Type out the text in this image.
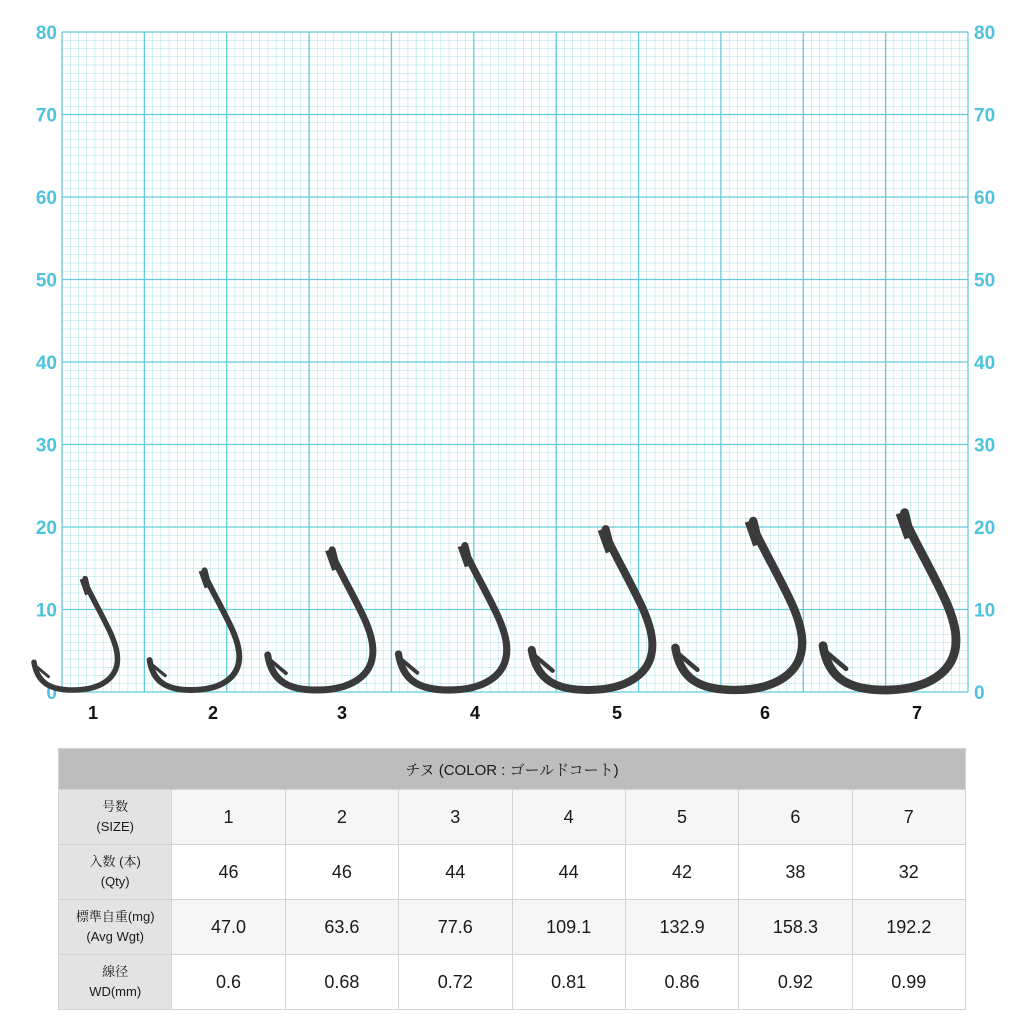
0
10
20
30
40
50
60
70
80
0
10
20
30
40
50
60
70
80
1	2	3	4	5	6	7
チヌ (COLOR : ゴールドコート)							

号数
(SIZE)	1	2	3	4	5	6	7

入数 (本)
(Qty)	46	46	44	44	42	38	32

標準自重(mg)
(Avg Wgt)	47.0	63.6	77.6	109.1	132.9	158.3	192.2

線径
WD(mm)	0.6	0.68	0.72	0.81	0.86	0.92	0.99
